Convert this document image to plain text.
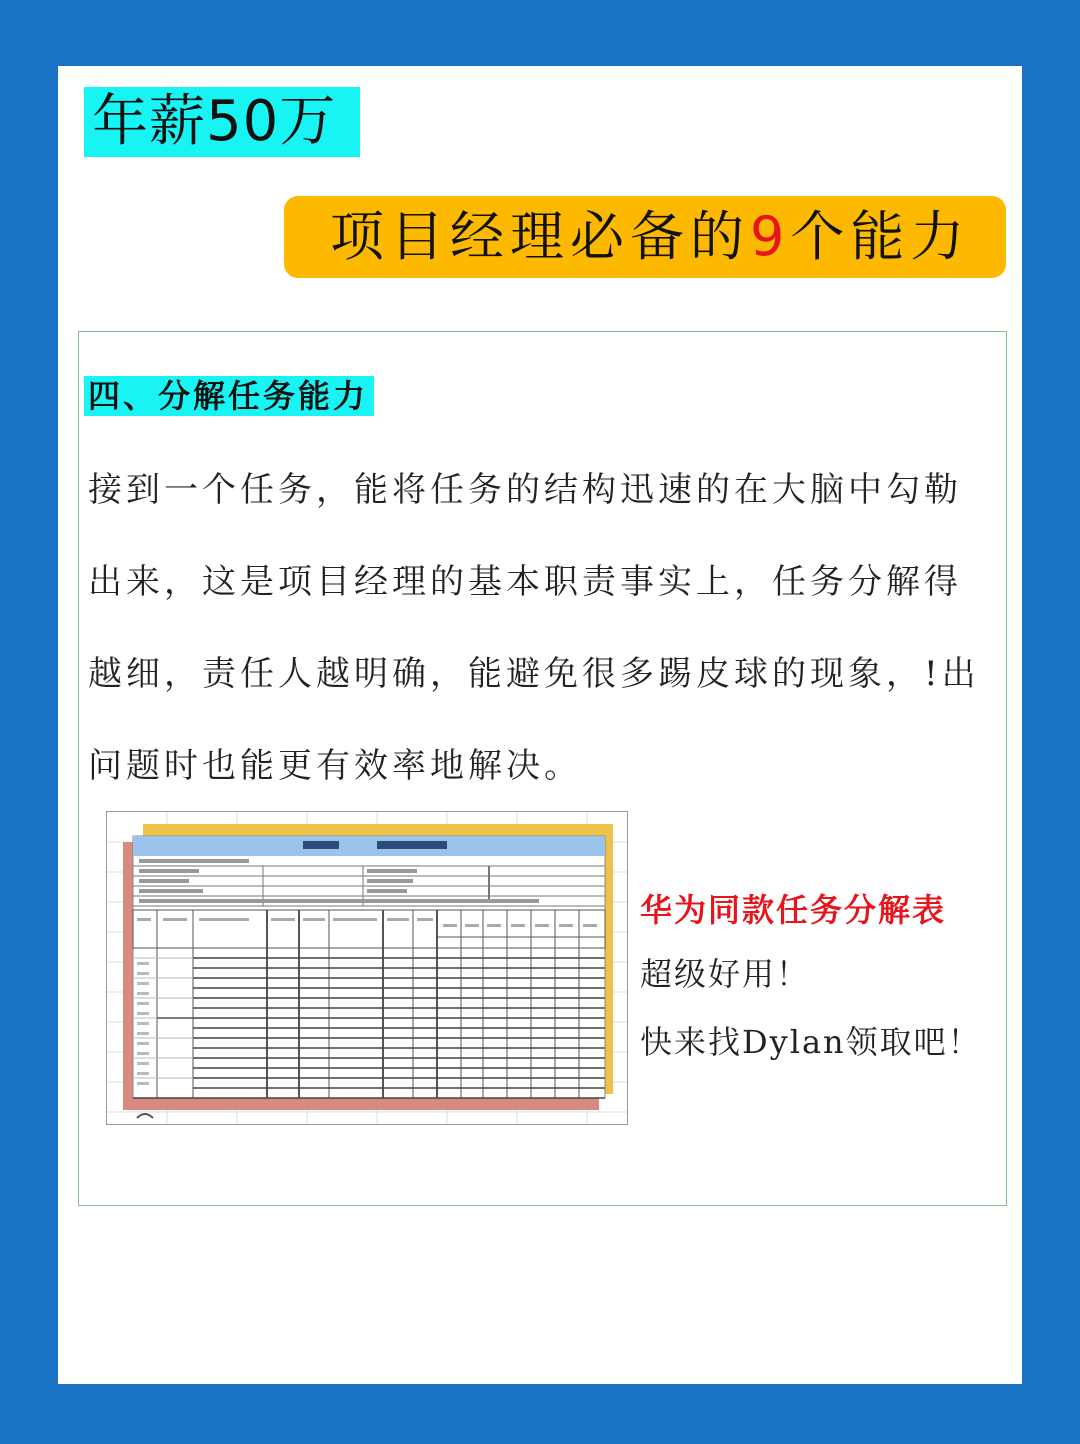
年薪50万
项目经理必备的9个能力
四、分解任务能力
接到一个任务，能将任务的结构迅速的在大脑中勾勒
出来，这是项目经理的基本职责事实上，任务分解得
越细，责任人越明确，能避免很多踢皮球的现象，!出
问题时也能更有效率地解决。
华为同款任务分解表
超级好用！
快来找Dylan领取吧！
